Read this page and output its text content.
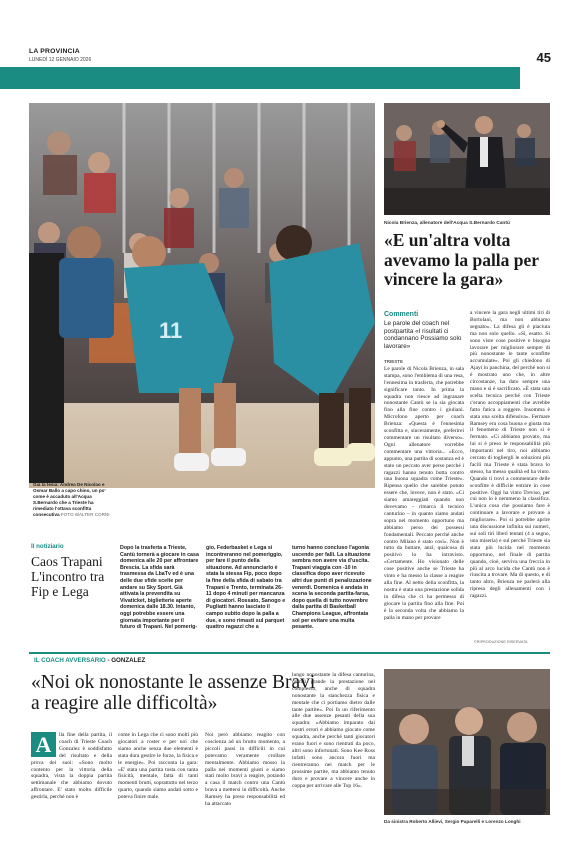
LA PROVINCIA
LUNEDÌ 12 GENNAIO 2026	45
11
Già la tesia: Andrea De Nicolao e Osmar Ballo a capo chino, un po' come è accaduto all'Acqua S.Bernardo che a Trieste ha rimediato l'ottava sconfitta consecutiva FOTO WALTER CORNI
Nicola Brienza, allenatore dell'Acqua S.Bernardo Cantù
«E un'altra volta avevamo la palla per vincere la gara»
Commenti
Le parole del coach nel postpartita «I risultati ci condannano Possiamo solo lavorare»
TRIESTE
Le parole di Nicola Brienza, in sala stampa, sono l'emblema di una resa, l'ennesima in trasferta, che potrebbe significare tanto. In prima la squadra non riesce ad ingranare nonostante Cantù se la sia giocata fino alla fine contro i giuliani. Microfono aperto per coach Brienza: «Questa è l'ennesima sconfitta e, sinceramente, preferirei commentare un risultato diverso». Ogni allenatore vorrebbe commentare una vittoria... «Ecco, appunto, una partita di sostanza ed è stato un peccato aver perso perché i ragazzi hanno tenuto botta contro una buona squadra come Trieste». Ripensa quello che sarebbe potuto essere che, invece, non è stato. «Ci siamo amareggiati quando non dovevamo – rimarca il tecnico canturino – in quanto siamo andati sopra nel momento opportuno ma abbiamo perso dei possessi fondamentali. Peccato perché anche contro Milano è stato così». Non è tutto da buttare, anzi, qualcosa di positivo lo ha intravisto. «Certamente. Ho visionato delle cose positive anche se Trieste ha vinto e ha messo la classe a reagire alla fine. Al netto della sconfitta, la nostra è stata una prestazione solida in difesa che ci ha permesso di giocare la partita fino alla fine. Poi è la seconda volta che abbiamo la palla in mano per provare
a vincere la gara negli ultimi tiri di Bortolani, ma non abbiamo segnato». La difesa gli è piaciuta ma non solo quello. «Sì, esatto. Si sono viste cose positive e bisogna lavorare per migliorare sempre di più nonostante le tante sconfitte accumulate». Poi gli chiedono di Ajayi in panchina, del perché non si è mostrato uno che, in altre circostanze, ha dato sempre una mano e si è sacrificato. «È stata una scelta tecnica perché con Trieste c'erano accoppiamenti che avrebbe fatto fatica a reggere. Insomma è stata una scelta difensiva». Fermare Ramsey era cosa buona e giusta ma il fenomeno di Trieste non si è fermato. «Ci abbiamo provato, ma lui si è preso le responsabilità più importanti nel tiro, noi abbiamo cercato di togliergli le soluzioni più facili ma Trieste è stata brava lo stesso, ha messo qualità ed ha vinto. Quando ti trovi a commentare delle sconfitte è difficile entrare in cose positive. Oggi ha vinto Treviso, per cui non lo è nemmeno la classifica. L'unica cosa che possiamo fare è continuare a lavorare e provare a migliorare». Poi si potrebbe aprire una discussione infinita sui numeri, sui soli tiri liberi tentati (4 a segno, una miseria) e sul perché Trieste sia stata più lucida nel momento opportuno, nel finale di partita quando, cioè, serviva una freccia in più al arco lucida che Cantù non è riuscita a trovare. Ma di questo, e di tanto altro, Brienza ne parlerà alla ripresa degli allenamenti con i ragazzi.
©RIPRODUZIONE RISERVATA
Il notiziario
Caos Trapani L'incontro tra Fip e Lega
Dopo la trasferta a Trieste, Cantù tornerà a giocare in casa domenica alle 20 per affrontare Brescia. La sfida sarà trasmessa da LbaTv ed è una delle due sfide scelte per andare su Sky Sport. Già attivata la prevendita su Vivaticket, biglietterie aperte domenica dalle 18.30. Intanto, oggi potrebbe essere una giornata importante per il futuro di Trapani. Nel pomerig-
gio, Federbasket e Lega si incontreranno nel pomeriggio, per fare il punto della situazione. Ad annunciarlo è stata la stessa Fip, poco dopo la fine della sfida di sabato tra Trapani e Trento, terminata 26-11 dopo 4 minuti per mancanza di giocatori. Rossato, Sanogo e Pugliatti hanno lasciato il campo subito dopo la palla a due, e sono rimasti sul parquet quattro ragazzi che a
turno hanno concluso l'agonia uscendo per falli. La situazione sembra non avere via d'uscita. Trapani viaggia con -10 in classifica dopo aver ricevuto altri due punti di penalizzazione venerdì. Domenica è andata in scena la seconda partita-farsa, dopo quella di tutto novembre dalla partita di Basketball Champions League, affrontata sol per evitare una multa pesante.
IL COACH AVVERSARIO - GONZALEZ
«Noi ok nonostante le assenze Bravi a reagire alle difficoltà»
A	lla fine della partita, il coach di Trieste Coach Gonzalez è soddisfatto del risultato e della prova dei suoi: «Sono molto contento per la vittoria della squadra, vista la doppia partita settimanale che abbiamo dovuto affrontare. E' stato molto difficile gestirla, perché non è
come in Lega che ci sono molti più giocatori a roster e per noi che siamo anche senza due elementi è stata dura gestire le forze, la fisica e le energie». Poi racconta la gara: «E' stata una partita tosta con tanta fisicità, mentale, fatta di tanti momenti brutti, soprattutto nel terzo quarto, quando siamo andati sotto e poteva finire male.
Noi però abbiamo reagito con coscienza ad un brutto momento, a piccoli passi in difficili in cui potevamo veramente crollare mentalmente. Abbiamo mosso la palla nei momenti giusti e siamo stati molto bravi a reagire, potando a casa il match contro una Cantù brava a mettersi in difficoltà. Anche Ramsey ha preso responsabilità ed ha attaccato
lungo nonostante la difesa canturina, quindi grande la prestazione nel complesso, anche di squadra nonostante la stanchezza fisica e mentale che ci portiamo dietro dalle tante partite». Poi fa un riferimento alle due assenze pesanti della sua squadra: «Abbiamo imparato dai nostri errori e abbiamo giocato come squadra, anche perché tanti giocatori erano fuori e sono rientrati da poco, altri sono infortunati. Sono Kee Ross infatti sono ancora fuori ma rientreranno nei match per le prossime partite, ma abbiamo tenuto duro e provare a vincere anche in coppa per arrivare alle Top 16».
Da sinistra Roberto Allievi, Sergio Paparelli e Lorenzo Longhi
